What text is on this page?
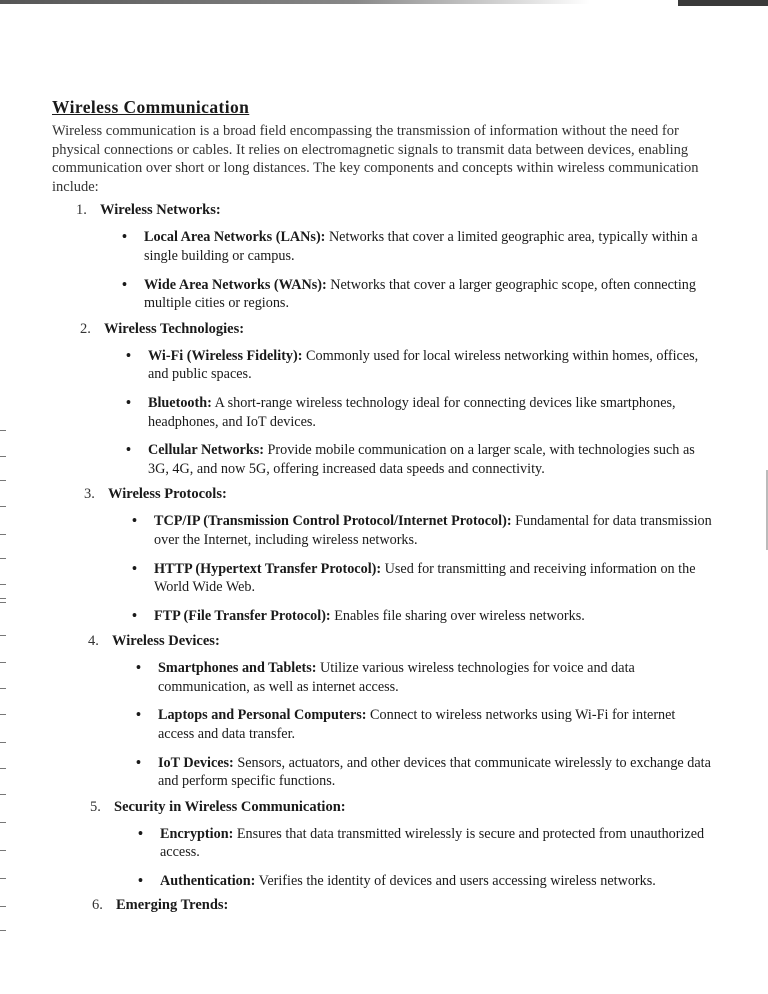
Wireless Communication

Wireless communication is a broad field encompassing the transmission of information without the need for physical connections or cables. It relies on electromagnetic signals to transmit data between devices, enabling communication over short or long distances. The key components and concepts within wireless communication include:

1. Wireless Networks:
• Local Area Networks (LANs): Networks that cover a limited geographic area, typically within a single building or campus.
• Wide Area Networks (WANs): Networks that cover a larger geographic scope, often connecting multiple cities or regions.
2. Wireless Technologies:
• Wi-Fi (Wireless Fidelity): Commonly used for local wireless networking within homes, offices, and public spaces.
• Bluetooth: A short-range wireless technology ideal for connecting devices like smartphones, headphones, and IoT devices.
• Cellular Networks: Provide mobile communication on a larger scale, with technologies such as 3G, 4G, and now 5G, offering increased data speeds and connectivity.
3. Wireless Protocols:
• TCP/IP (Transmission Control Protocol/Internet Protocol): Fundamental for data transmission over the Internet, including wireless networks.
• HTTP (Hypertext Transfer Protocol): Used for transmitting and receiving information on the World Wide Web.
• FTP (File Transfer Protocol): Enables file sharing over wireless networks.
4. Wireless Devices:
• Smartphones and Tablets: Utilize various wireless technologies for voice and data communication, as well as internet access.
• Laptops and Personal Computers: Connect to wireless networks using Wi-Fi for internet access and data transfer.
• IoT Devices: Sensors, actuators, and other devices that communicate wirelessly to exchange data and perform specific functions.
5. Security in Wireless Communication:
• Encryption: Ensures that data transmitted wirelessly is secure and protected from unauthorized access.
• Authentication: Verifies the identity of devices and users accessing wireless networks.
6. Emerging Trends:
